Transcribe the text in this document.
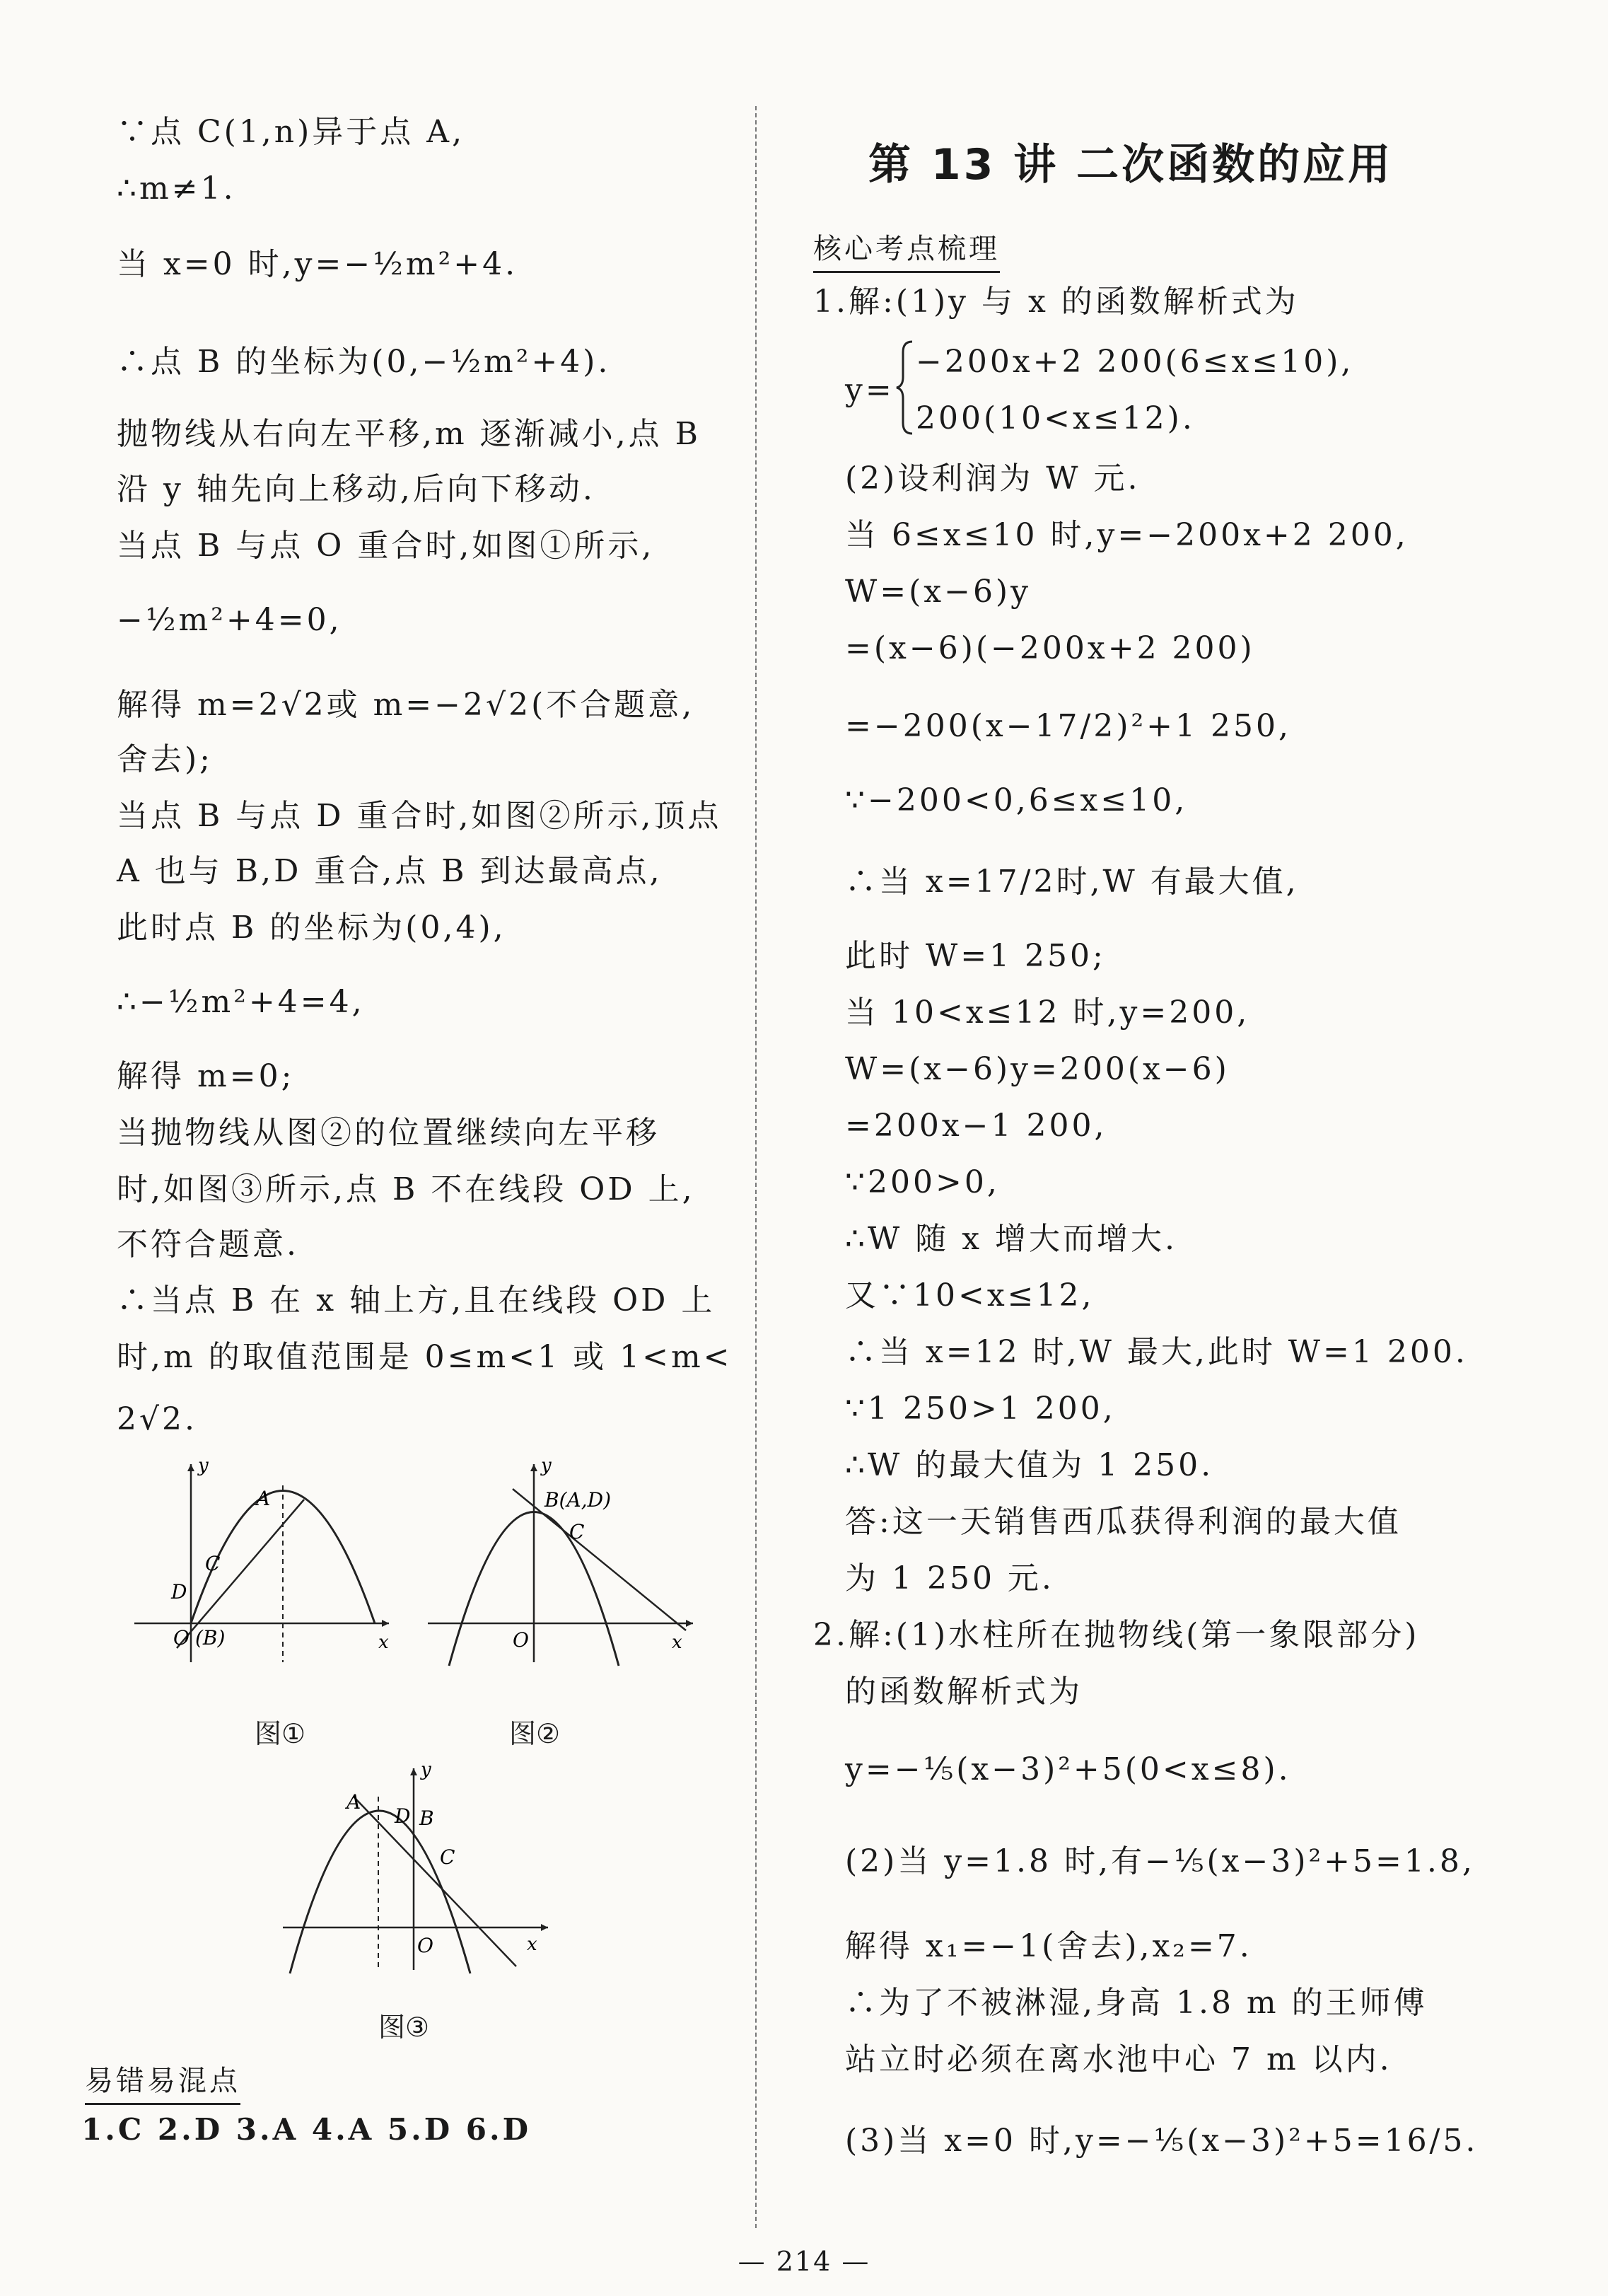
∵点 C(1,n)异于点 A,
∴m≠1.
当 x=0 时,y=−½m²+4.
∴点 B 的坐标为(0,−½m²+4).
抛物线从右向左平移,m 逐渐减小,点 B
沿 y 轴先向上移动,后向下移动.
当点 B 与点 O 重合时,如图①所示,
−½m²+4=0,
解得 m=2√2或 m=−2√2(不合题意,
舍去);
当点 B 与点 D 重合时,如图②所示,顶点
A 也与 B,D 重合,点 B 到达最高点,
此时点 B 的坐标为(0,4),
∴−½m²+4=4,
解得 m=0;
当抛物线从图②的位置继续向左平移
时,如图③所示,点 B 不在线段 OD 上,
不符合题意.
∴当点 B 在 x 轴上方,且在线段 OD 上
时,m 的取值范围是 0≤m<1 或 1<m<
2√2.
y
x
A
C
D
O (B)
图①
y
x
B(A,D)
C
O
图②
y
x
A
B
D
C
O
图③
易错易混点
1.C 2.D 3.A 4.A 5.D 6.D
第 13 讲 二次函数的应用
核心考点梳理
1.解:(1)y 与 x 的函数解析式为
y=
−200x+2 200(6≤x≤10),
200(10<x≤12).
(2)设利润为 W 元.
当 6≤x≤10 时,y=−200x+2 200,
W=(x−6)y
=(x−6)(−200x+2 200)
=−200(x−17/2)²+1 250,
∵−200<0,6≤x≤10,
∴当 x=17/2时,W 有最大值,
此时 W=1 250;
当 10<x≤12 时,y=200,
W=(x−6)y=200(x−6)
=200x−1 200,
∵200>0,
∴W 随 x 增大而增大.
又∵10<x≤12,
∴当 x=12 时,W 最大,此时 W=1 200.
∵1 250>1 200,
∴W 的最大值为 1 250.
答:这一天销售西瓜获得利润的最大值
为 1 250 元.
2.解:(1)水柱所在抛物线(第一象限部分)
的函数解析式为
y=−⅕(x−3)²+5(0<x≤8).
(2)当 y=1.8 时,有−⅕(x−3)²+5=1.8,
解得 x₁=−1(舍去),x₂=7.
∴为了不被淋湿,身高 1.8 m 的王师傅
站立时必须在离水池中心 7 m 以内.
(3)当 x=0 时,y=−⅕(x−3)²+5=16/5.
— 214 —
